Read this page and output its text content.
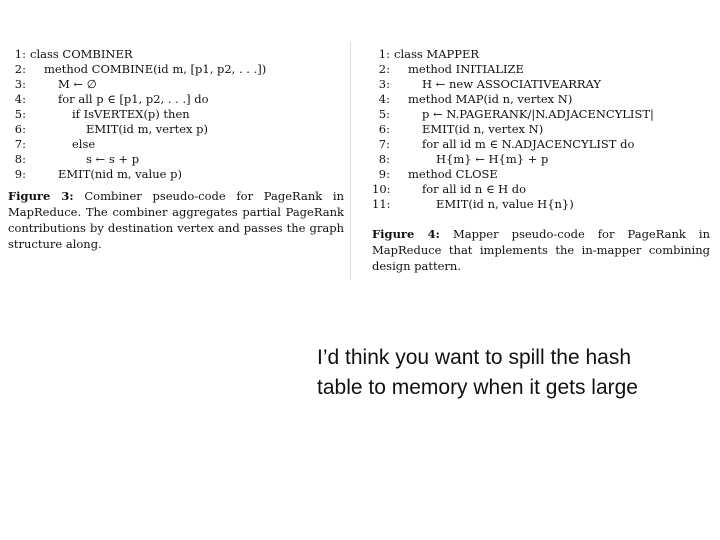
1: class COMBINER
2: method COMBINE(id m, [p1, p2, . . .])
3:	M ← ∅
4:	for all p ∈ [p1, p2, . . .] do
5:	if IsVERTEX(p) then
6:	EMIT(id m, vertex p)
7:	else
8:	s ← s + p
9:	EMIT(nid m, value p)
Figure 3: Combiner pseudo-code for PageRank in MapReduce. The combiner aggregates partial PageRank contributions by destination vertex and passes the graph structure along.
1: class MAPPER
2: method INITIALIZE
3:	H ← new ASSOCIATIVEARRAY
4: method MAP(id n, vertex N)
5:	p ← N.PAGERANK/|N.ADJACENCYLIST|
6:	EMIT(id n, vertex N)
7:	for all id m ∈ N.ADJACENCYLIST do
8:	H{m} ← H{m} + p
9: method CLOSE
10:	for all id n ∈ H do
11:	EMIT(id n, value H{n})
Figure 4: Mapper pseudo-code for PageRank in MapReduce that implements the in-mapper combining design pattern.
I’d think you want to spill the hash table to memory when it gets large
